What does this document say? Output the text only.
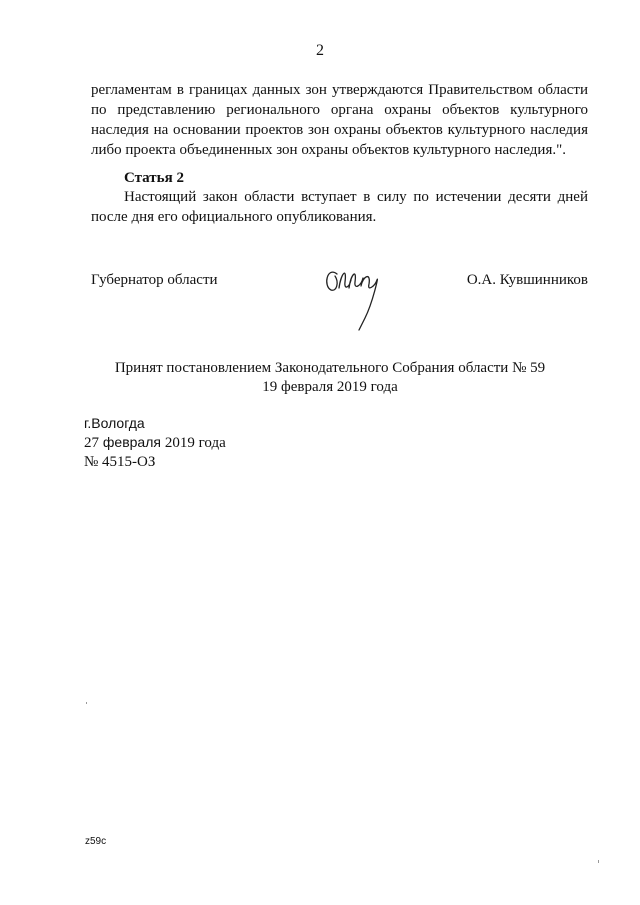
2

регламентам в границах данных зон утверждаются Правительством области по представлению регионального органа охраны объектов культурного наследия на основании проектов зон охраны объектов культурного наследия либо проекта объединенных зон охраны объектов культурного наследия.".

Статья 2

Настоящий закон области вступает в силу по истечении десяти дней после дня его официального опубликования.

Губернатор области	О.А. Кувшинников
Принят постановлением Законодательного Собрания области № 59
19 февраля 2019 года
г.Вологда
27 февраля 2019 года
№ 4515-ОЗ
z59c
